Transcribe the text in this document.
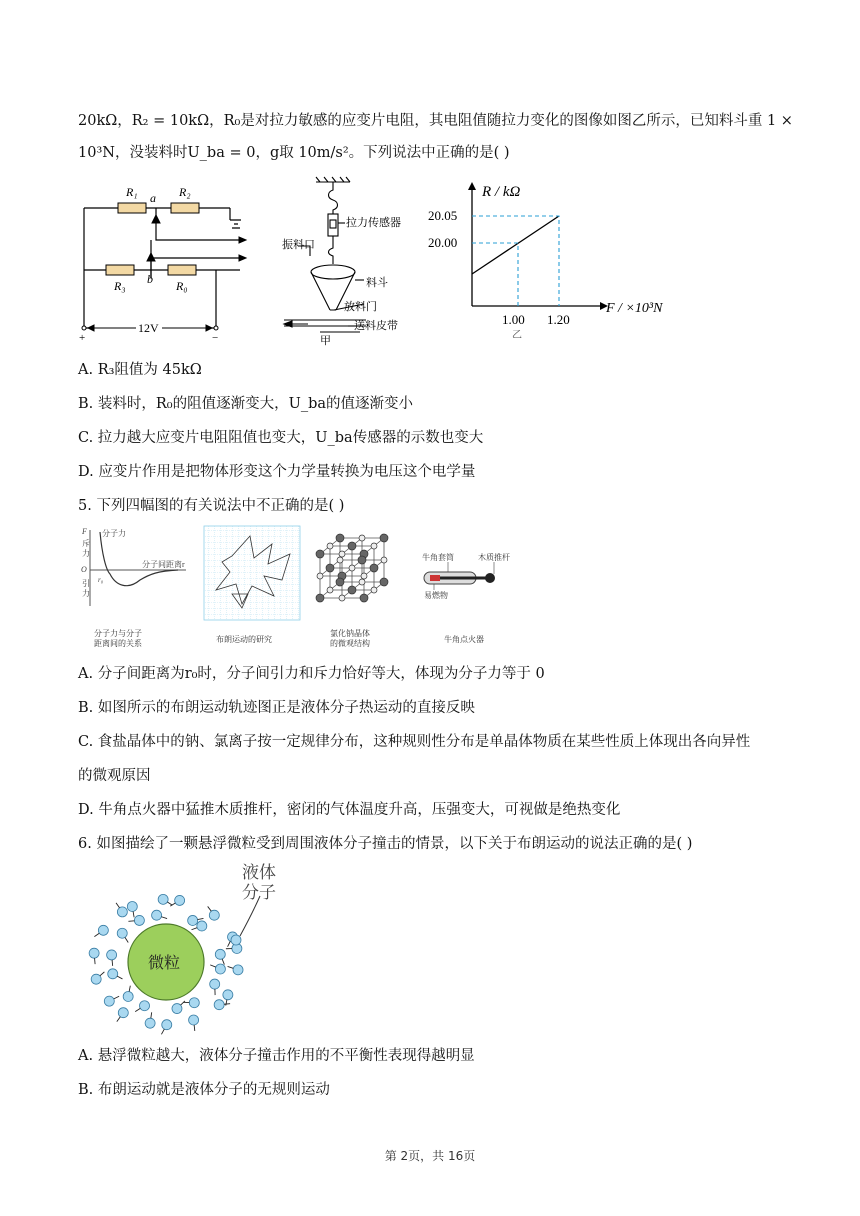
20kΩ，R₂ = 10kΩ，R₀是对拉力敏感的应变片电阻，其电阻值随拉力变化的图像如图乙所示，已知料斗重 1 ×
10³N，没装料时U_ba = 0，g取 10m/s²。下列说法中正确的是( )
R₁	R₂
R₃	R₀
a
b
12V
+	−
拉力传感器
振料口
料斗
放料门
送料皮带
甲
R / kΩ
F / ×10³N
20.05
20.00
1.00 1.20
乙
A. R₃阻值为 45kΩ
B. 装料时，R₀的阻值逐渐变大，U_ba的值逐渐变小
C. 拉力越大应变片电阻阻值也变大，U_ba传感器的示数也变大
D. 应变片作用是把物体形变这个力学量转换为电压这个电学量
5. 下列四幅图的有关说法中不正确的是( )
F
斥
力
O
引
力
分子力
分子间距离r
r₀
分子力与分子
距离间的关系	布朗运动的研究
氯化钠晶体
的微观结构
牛角套筒	木质推杆
易燃物
牛角点火器
A. 分子间距离为r₀时，分子间引力和斥力恰好等大，体现为分子力等于 0
B. 如图所示的布朗运动轨迹图正是液体分子热运动的直接反映
C. 食盐晶体中的钠、氯离子按一定规律分布，这种规则性分布是单晶体物质在某些性质上体现出各向异性
的微观原因
D. 牛角点火器中猛推木质推杆，密闭的气体温度升高，压强变大，可视做是绝热变化
6. 如图描绘了一颗悬浮微粒受到周围液体分子撞击的情景，以下关于布朗运动的说法正确的是( )
微粒
液体
分子
A. 悬浮微粒越大，液体分子撞击作用的不平衡性表现得越明显
B. 布朗运动就是液体分子的无规则运动
第 2页，共 16页
